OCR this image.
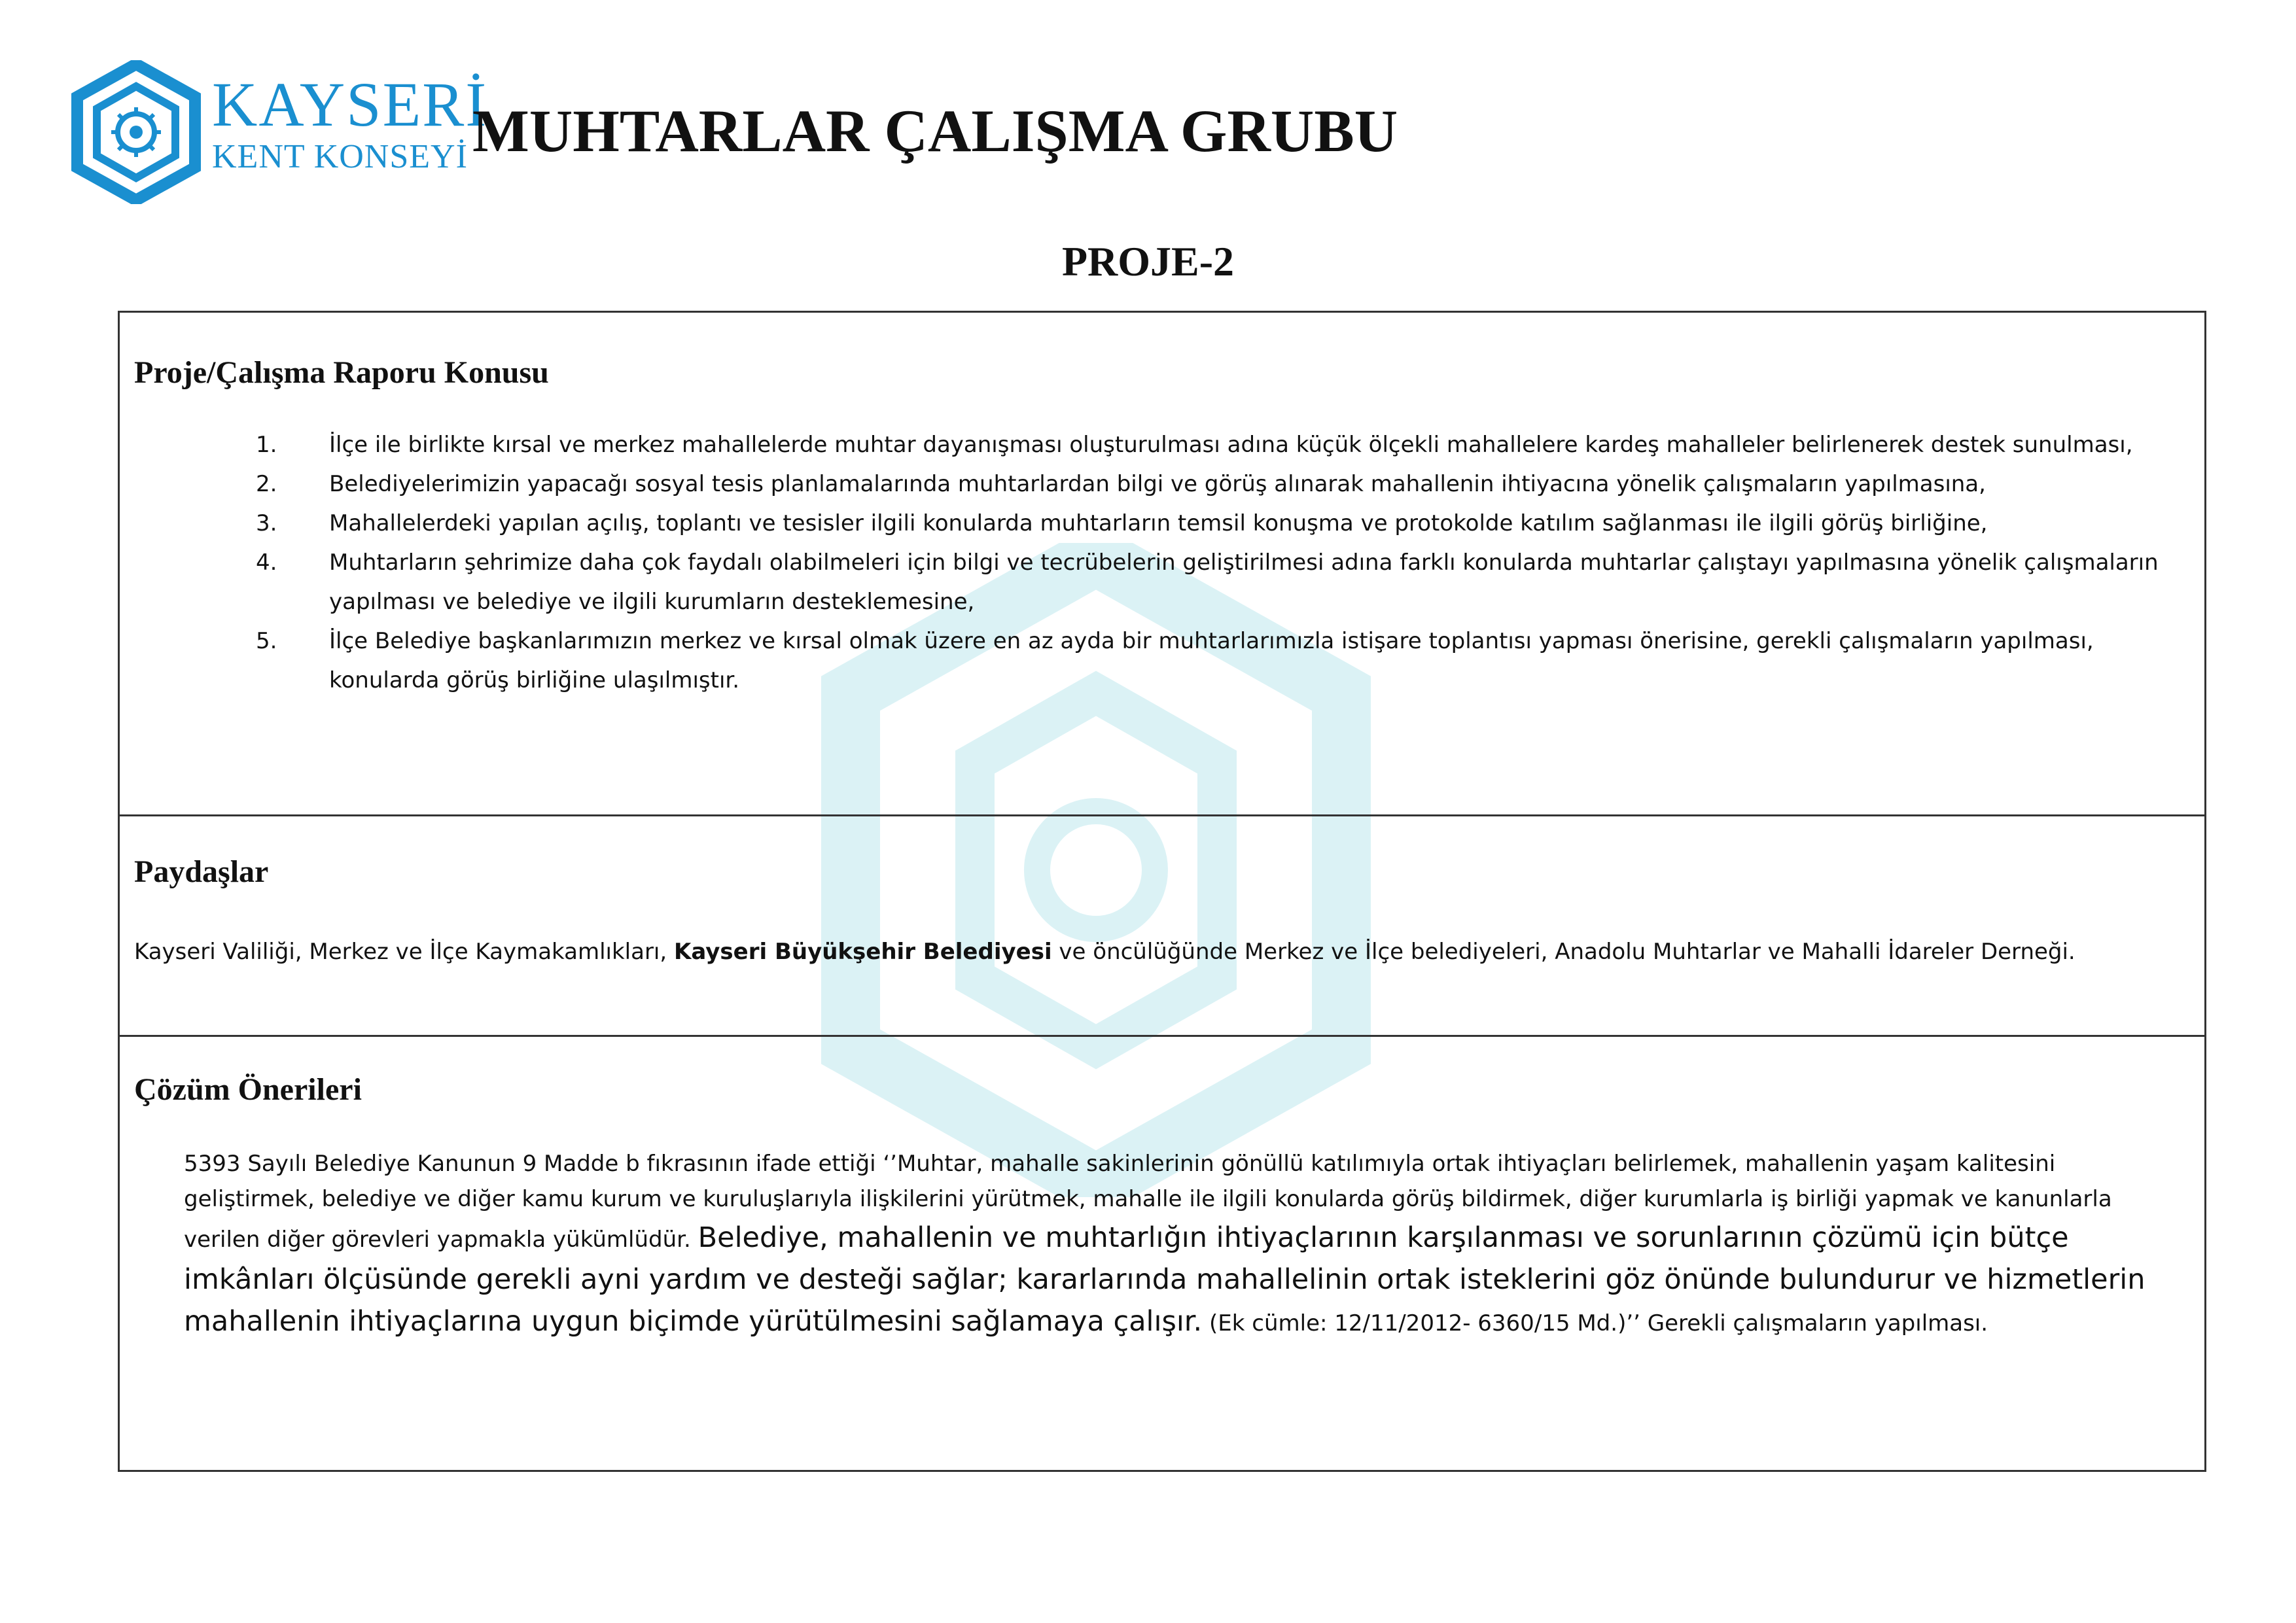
KAYSERİ
KENT KONSEYİ MUHTARLAR ÇALIŞMA GRUBU
PROJE-2
Proje/Çalışma Raporu Konusu
1. İlçe ile birlikte kırsal ve merkez mahallelerde muhtar dayanışması oluşturulması adına küçük ölçekli mahallelere kardeş mahalleler belirlenerek destek sunulması,
2. Belediyelerimizin yapacağı sosyal tesis planlamalarında muhtarlardan bilgi ve görüş alınarak mahallenin ihtiyacına yönelik çalışmaların yapılmasına,
3. Mahallelerdeki yapılan açılış, toplantı ve tesisler ilgili konularda muhtarların temsil konuşma ve protokolde katılım sağlanması ile ilgili görüş birliğine,
4. Muhtarların şehrimize daha çok faydalı olabilmeleri için bilgi ve tecrübelerin geliştirilmesi adına farklı konularda muhtarlar çalıştayı yapılmasına yönelik çalışmaların yapılması ve belediye ve ilgili kurumların desteklemesine,
5. İlçe Belediye başkanlarımızın merkez ve kırsal olmak üzere en az ayda bir muhtarlarımızla istişare toplantısı yapması önerisine, gerekli çalışmaların yapılması, konularda görüş birliğine ulaşılmıştır.
Paydaşlar
Kayseri Valiliği, Merkez ve İlçe Kaymakamlıkları, Kayseri Büyükşehir Belediyesi ve öncülüğünde Merkez ve İlçe belediyeleri, Anadolu Muhtarlar ve Mahalli İdareler Derneği.
Çözüm Önerileri
5393 Sayılı Belediye Kanunun 9 Madde b fıkrasının ifade ettiği ‘’Muhtar, mahalle sakinlerinin gönüllü katılımıyla ortak ihtiyaçları belirlemek, mahallenin yaşam kalitesini geliştirmek, belediye ve diğer kamu kurum ve kuruluşlarıyla ilişkilerini yürütmek, mahalle ile ilgili konularda görüş bildirmek, diğer kurumlarla iş birliği yapmak ve kanunlarla verilen diğer görevleri yapmakla yükümlüdür. Belediye, mahallenin ve muhtarlığın ihtiyaçlarının karşılanması ve sorunlarının çözümü için bütçe imkânları ölçüsünde gerekli ayni yardım ve desteği sağlar; kararlarında mahallelinin ortak isteklerini göz önünde bulundurur ve hizmetlerin mahallenin ihtiyaçlarına uygun biçimde yürütülmesini sağlamaya çalışır. (Ek cümle: 12/11/2012- 6360/15 Md.)’’ Gerekli çalışmaların yapılması.
